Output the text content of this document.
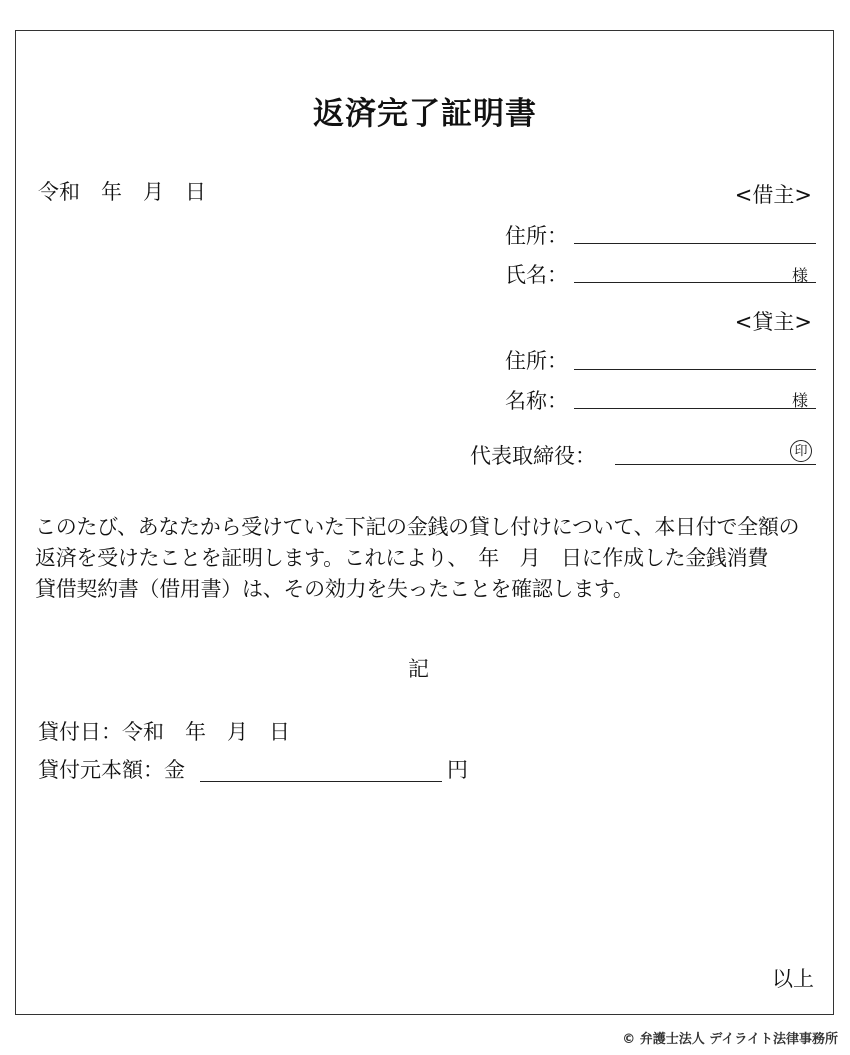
返済完了証明書
令和　年　月　日	<借主>
住所：
氏名：	様
<貸主>
住所：
名称：	様
代表取締役：	印
このたび、あなたから受けていた下記の金銭の貸し付けについて、本日付で全額の
返済を受けたことを証明します。これにより、　年　月　日に作成した金銭消費
貸借契約書（借用書）は、その効力を失ったことを確認します。
記
貸付日：令和　年　月　日
貸付元本額：金	円
以上
© 弁護士法人 デイライト法律事務所
